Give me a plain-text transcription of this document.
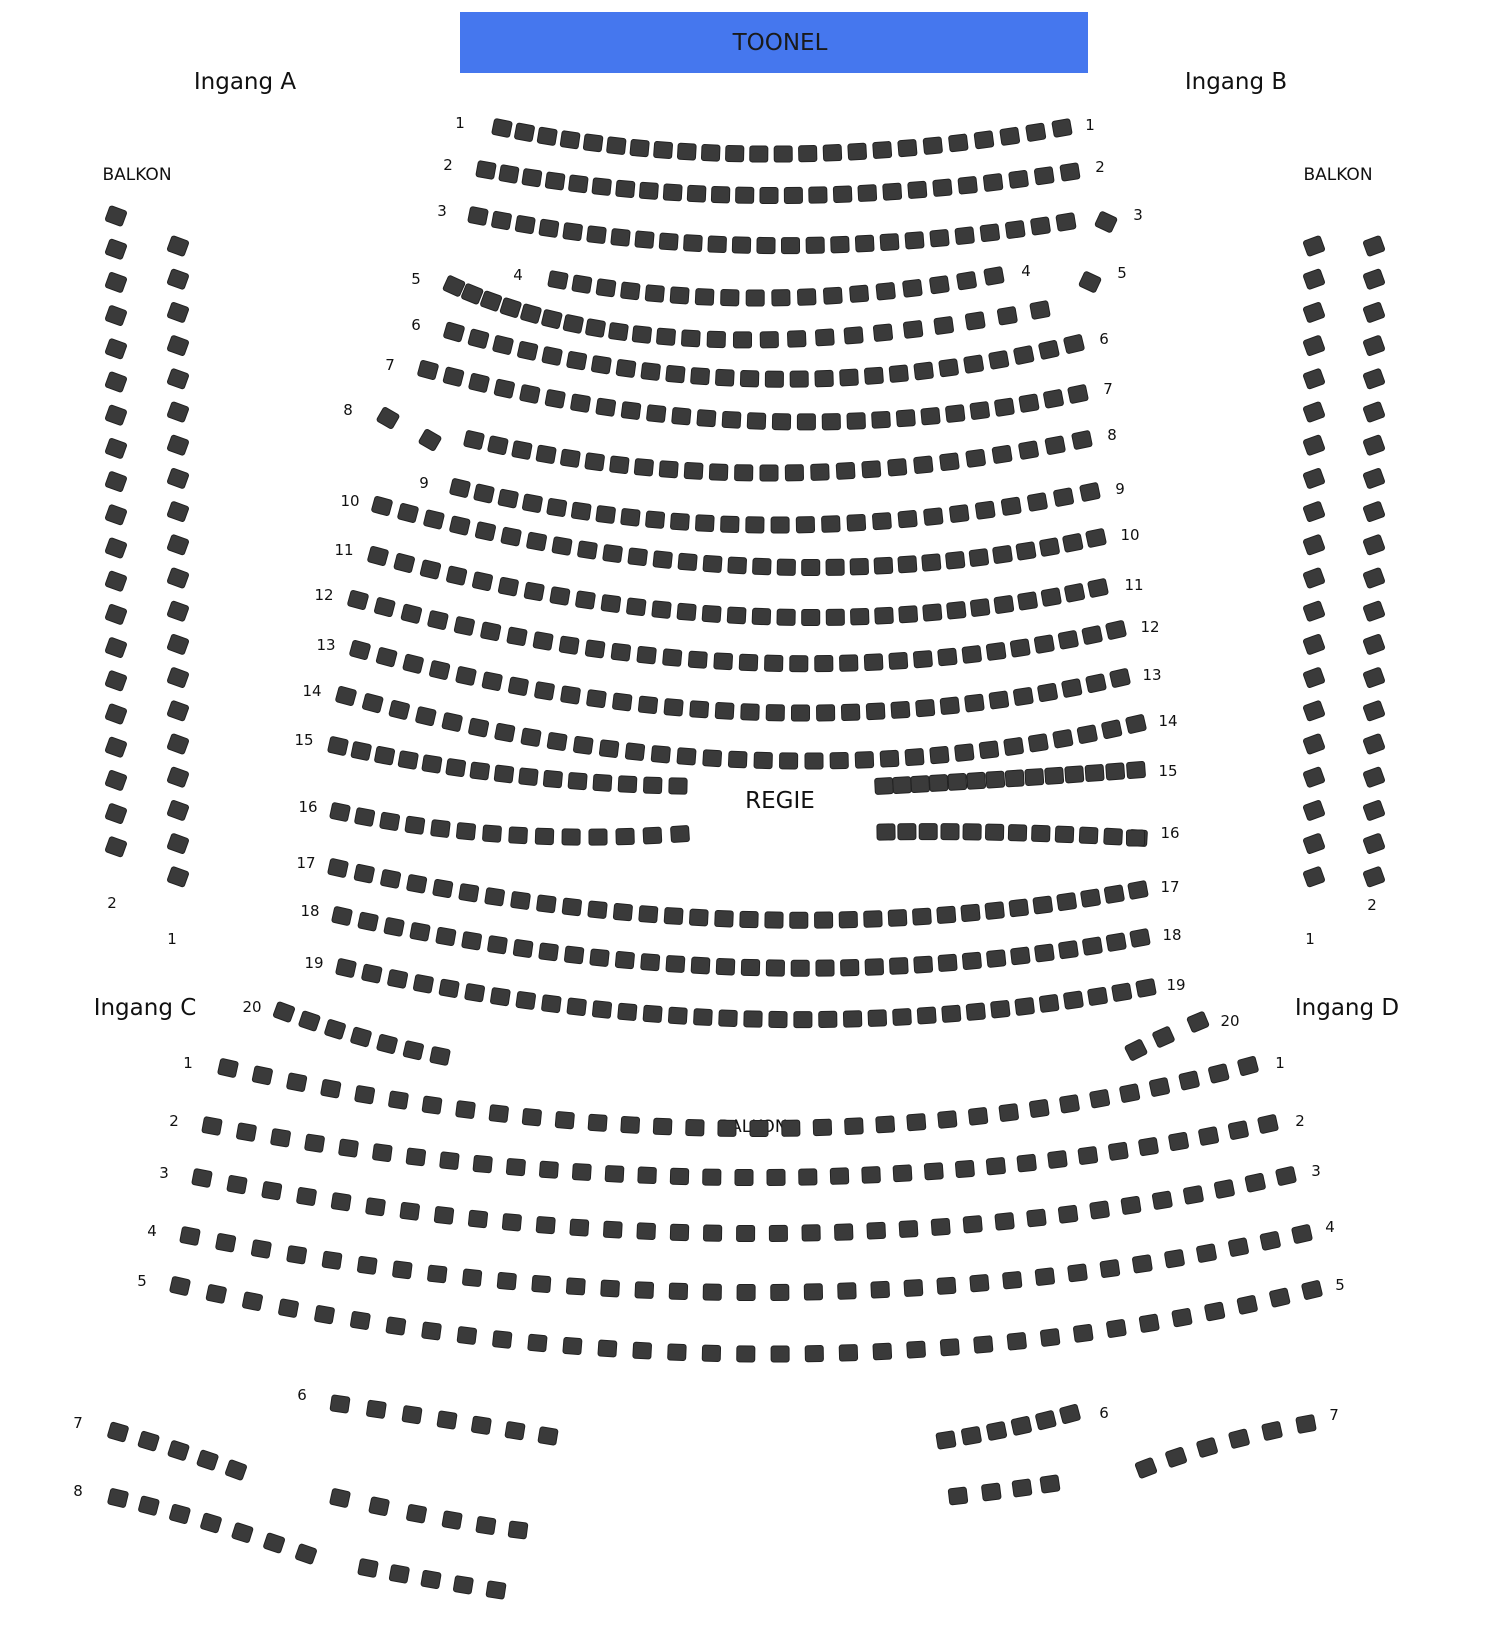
TOONEL
Ingang A	Ingang B
Ingang C	Ingang D
BALKON	BALKON
REGIE
1	1
2	2
3	3
4	4
5	5
6
6
7
7
8
8
9	9
10
10
11
11
12
12
13
13
14
14
15
15
16
16
17
17
18
18
19
19
20
20
2
1
2
1
1	1
2	2
3	3
4	4
5	5
6
6
7	7
8
